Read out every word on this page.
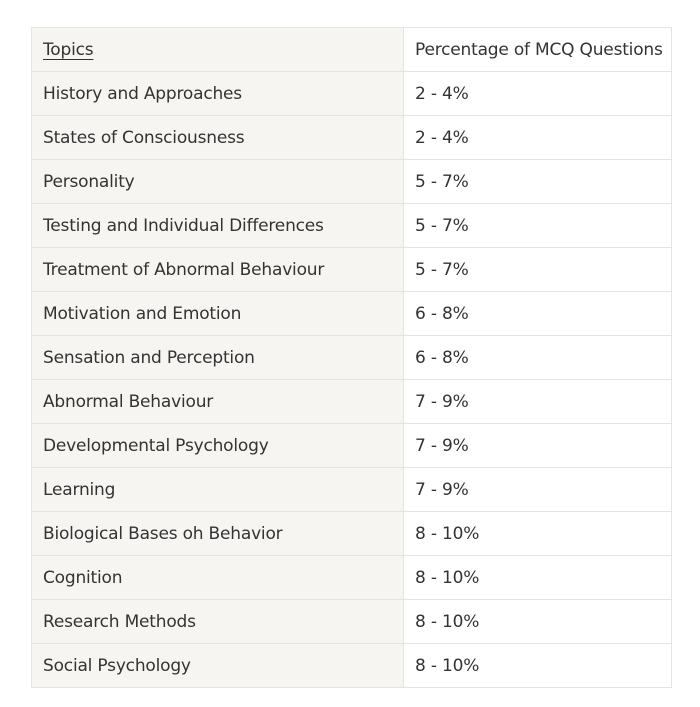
Topics	Percentage of MCQ Questions
History and Approaches	2 - 4%
States of Consciousness	2 - 4%
Personality	5 - 7%
Testing and Individual Differences	5 - 7%
Treatment of Abnormal Behaviour	5 - 7%
Motivation and Emotion	6 - 8%
Sensation and Perception	6 - 8%
Abnormal Behaviour	7 - 9%
Developmental Psychology	7 - 9%
Learning	7 - 9%
Biological Bases oh Behavior	8 - 10%
Cognition	8 - 10%
Research Methods	8 - 10%
Social Psychology	8 - 10%
